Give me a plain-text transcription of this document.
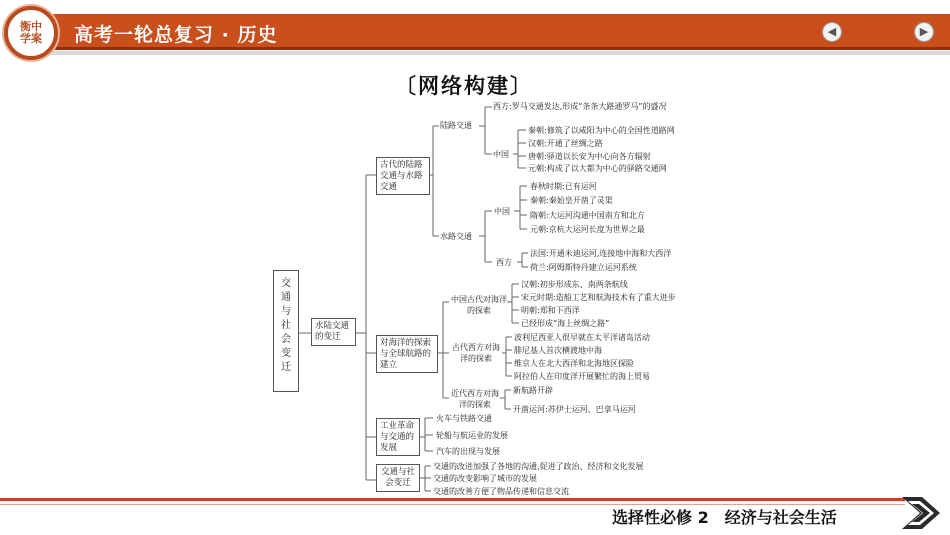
衡中
学案 高考一轮总复习 · 历史	◀	▶
〔网络构建〕
交通与社会变迁
水陆交通的变迁
古代的陆路交通与水路交通
对海洋的探索与全球航路的建立
工业革命与交通的发展
交通与社会变迁
陆路交通
西方:罗马交通发达,形成“条条大路通罗马”的盛况
中国
秦朝:修筑了以咸阳为中心的全国性道路网
汉朝:开通了丝绸之路
唐朝:驿道以长安为中心向各方辐射
元朝:构成了以大都为中心的驿路交通网
水路交通
中国
春秋时期:已有运河
秦朝:秦始皇开凿了灵渠
隋朝:大运河沟通中国南方和北方
元朝:京杭大运河长度为世界之最
西方
法国:开通米迪运河,连接地中海和大西洋
荷兰:阿姆斯特丹建立运河系统
中国古代对海洋的探索
汉朝:初步形成东、南两条航线
宋元时期:造船工艺和航海技术有了重大进步
明朝:郑和下西洋
已经形成“海上丝绸之路”
古代西方对海洋的探索
波利尼西亚人很早就在太平洋诸岛活动
腓尼基人首次横渡地中海
维京人在北大西洋和北海地区探险
阿拉伯人在印度洋开展繁忙的海上贸易
近代西方对海洋的探索
新航路开辟
开凿运河:苏伊士运河、巴拿马运河
火车与铁路交通
轮船与航运业的发展
汽车的出现与发展
交通的改进加强了各地的沟通,促进了政治、经济和文化发展
交通的改变影响了城市的发展
交通的改善方便了物品传递和信息交流
选择性必修 2　经济与社会生活
